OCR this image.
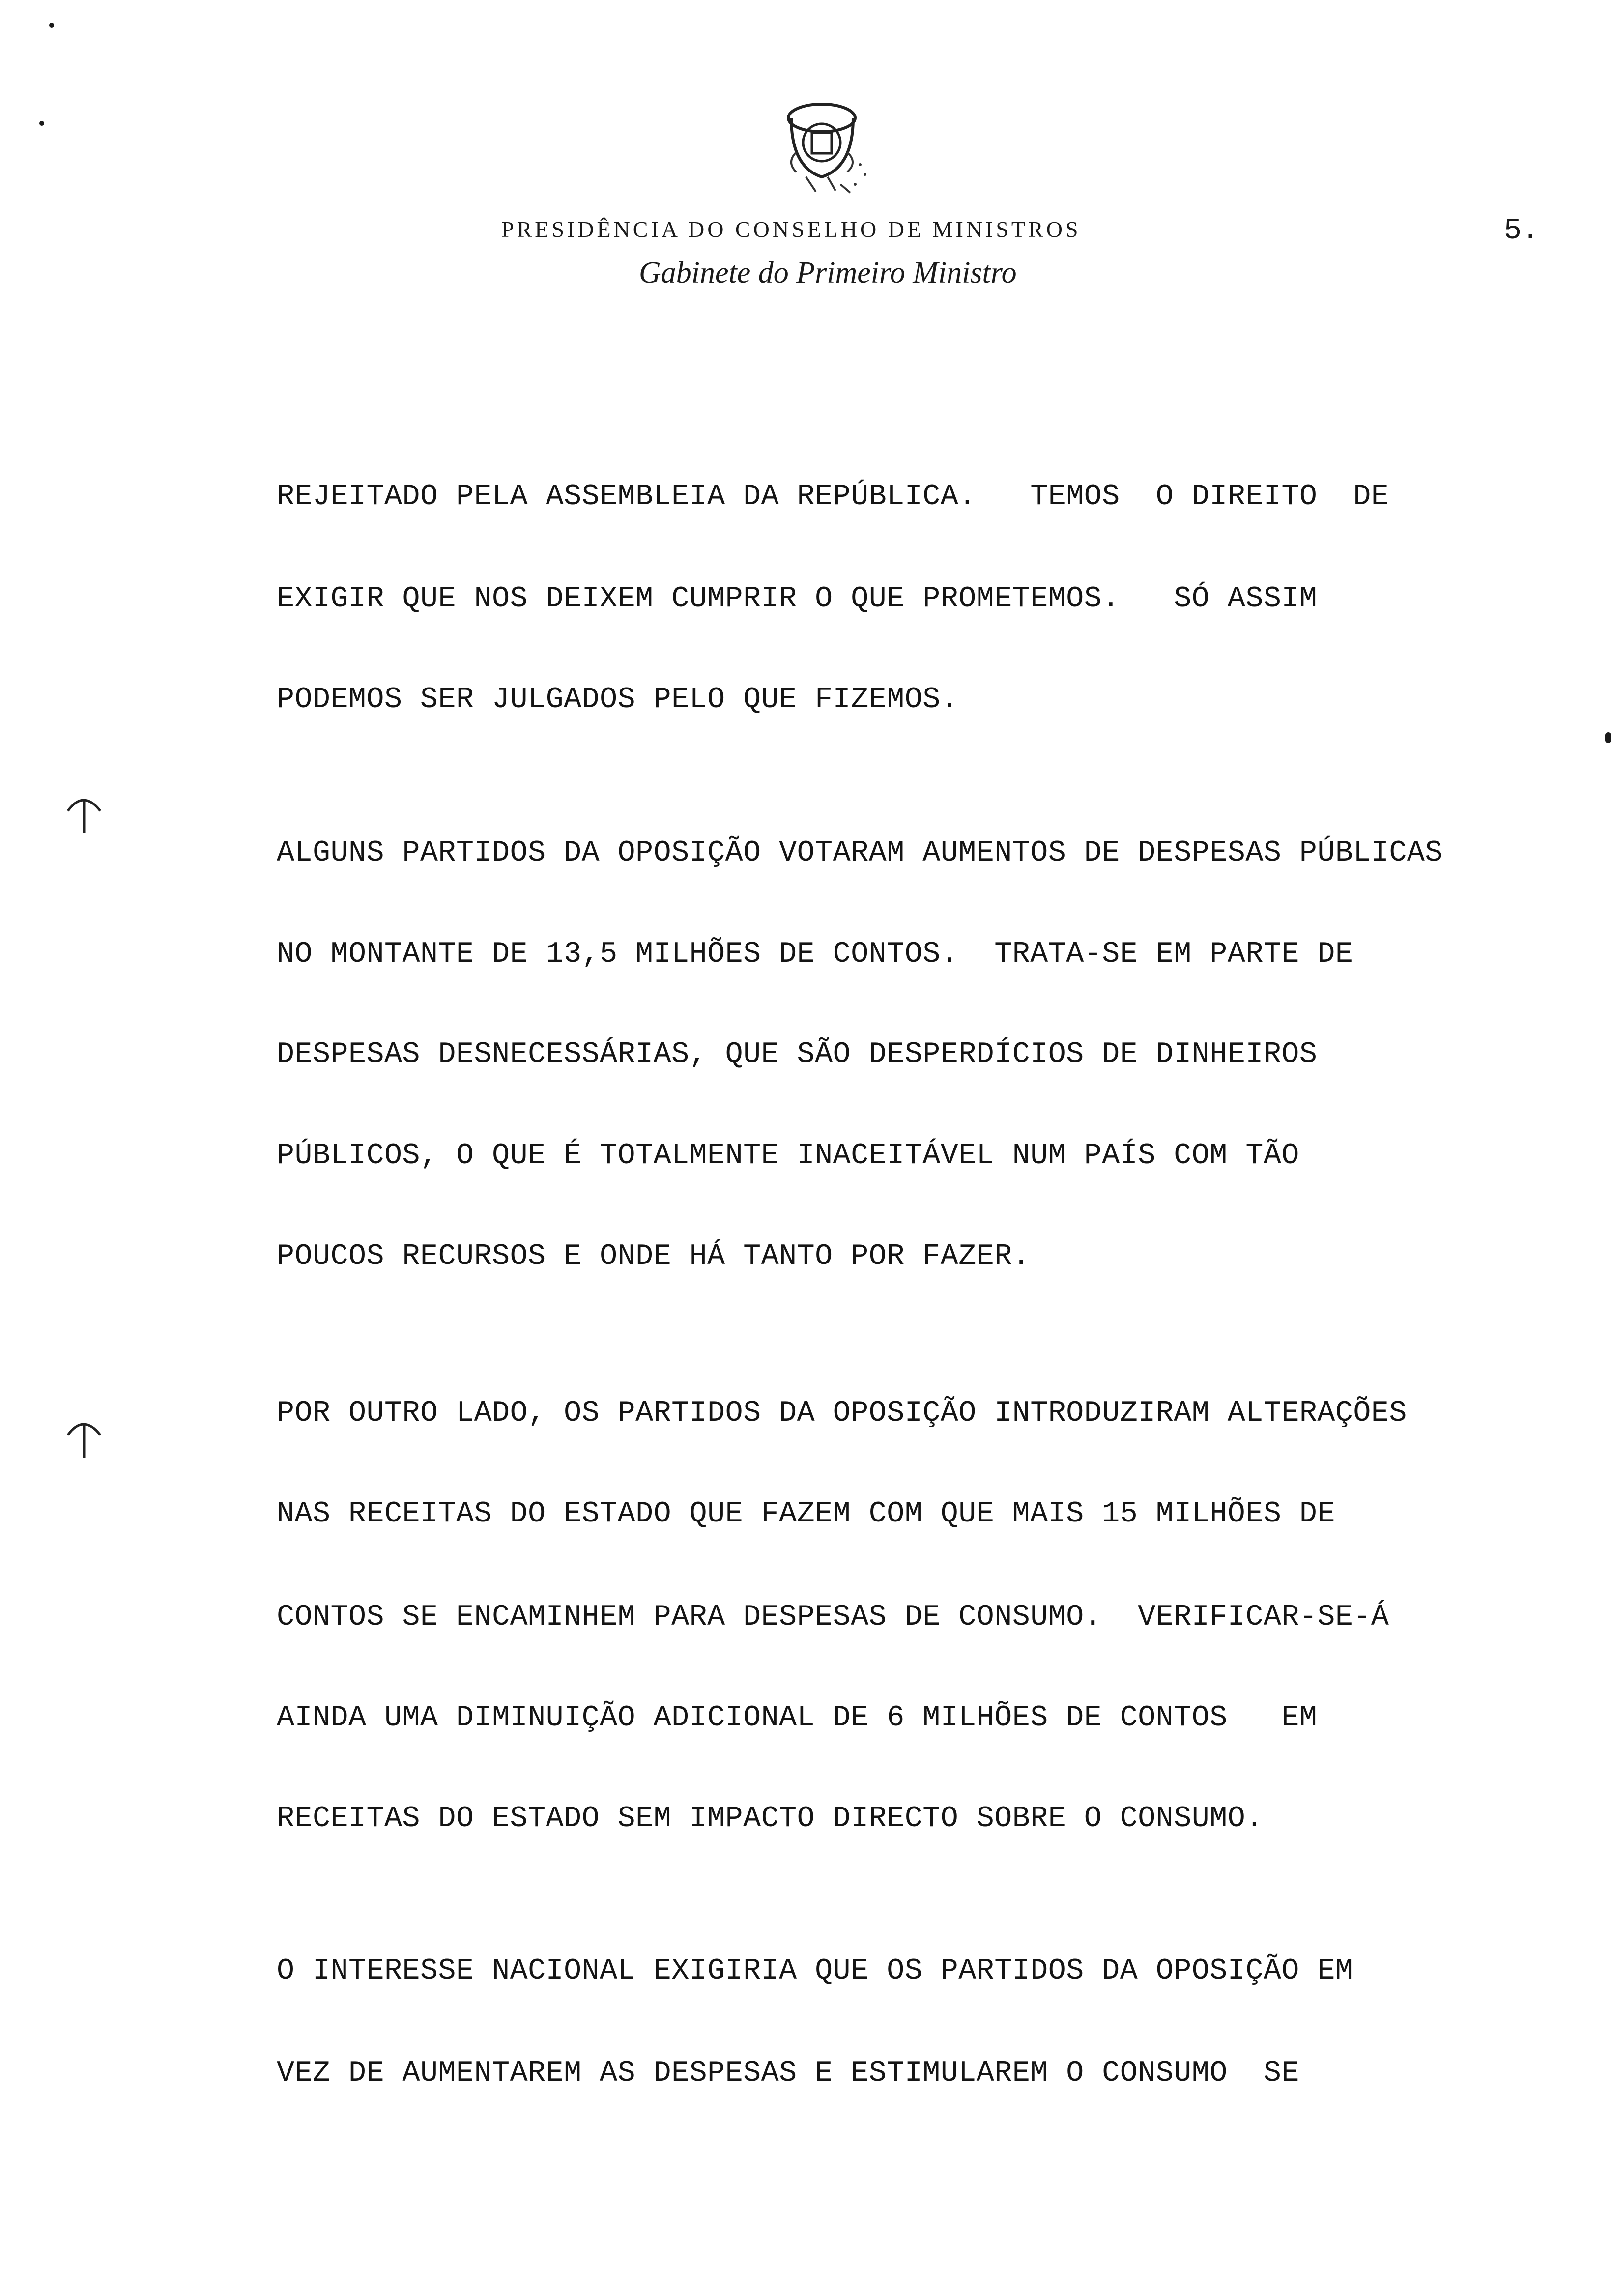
PRESIDÊNCIA DO CONSELHO DE MINISTROS
Gabinete do Primeiro Ministro
5.
REJEITADO PELA ASSEMBLEIA DA REPÚBLICA.   TEMOS  O DIREITO  DE
EXIGIR QUE NOS DEIXEM CUMPRIR O QUE PROMETEMOS.   SÓ ASSIM
PODEMOS SER JULGADOS PELO QUE FIZEMOS.
ALGUNS PARTIDOS DA OPOSIÇÃO VOTARAM AUMENTOS DE DESPESAS PÚBLICAS
NO MONTANTE DE 13,5 MILHÕES DE CONTOS.  TRATA-SE EM PARTE DE
DESPESAS DESNECESSÁRIAS, QUE SÃO DESPERDÍCIOS DE DINHEIROS
PÚBLICOS, O QUE É TOTALMENTE INACEITÁVEL NUM PAÍS COM TÃO
POUCOS RECURSOS E ONDE HÁ TANTO POR FAZER.
POR OUTRO LADO, OS PARTIDOS DA OPOSIÇÃO INTRODUZIRAM ALTERAÇÕES
NAS RECEITAS DO ESTADO QUE FAZEM COM QUE MAIS 15 MILHÕES DE
CONTOS SE ENCAMINHEM PARA DESPESAS DE CONSUMO.  VERIFICAR-SE-Á
AINDA UMA DIMINUIÇÃO ADICIONAL DE 6 MILHÕES DE CONTOS   EM
RECEITAS DO ESTADO SEM IMPACTO DIRECTO SOBRE O CONSUMO.
O INTERESSE NACIONAL EXIGIRIA QUE OS PARTIDOS DA OPOSIÇÃO EM
VEZ DE AUMENTAREM AS DESPESAS E ESTIMULAREM O CONSUMO  SE
